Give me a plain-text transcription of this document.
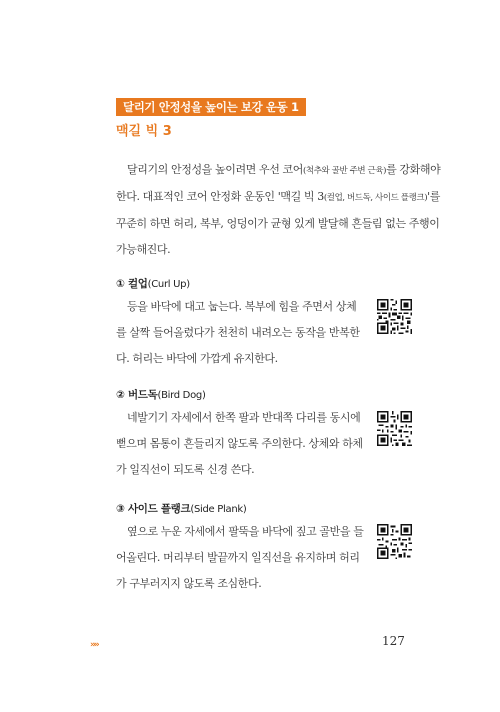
달리기 안정성을 높이는 보강 운동 1
맥길 빅 3

달리기의 안정성을 높이려면 우선 코어(척추와 골반 주변 근육)를 강화해야 한다. 대표적인 코어 안정화 운동인 '맥길 빅 3(컬업, 버드독, 사이드 플랭크)'를 꾸준히 하면 허리, 복부, 엉덩이가 균형 있게 발달해 흔들림 없는 주행이 가능해진다.

① 컬업(Curl Up)

등을 바닥에 대고 눕는다. 복부에 힘을 주면서 상체
를 살짝 들어올렸다가 천천히 내려오는 동작을 반복한다. 허리는 바닥에 가깝게 유지한다.

② 버드독(Bird Dog)

네발기기 자세에서 한쪽 팔과 반대쪽 다리를 동시에
뻗으며 몸통이 흔들리지 않도록 주의한다. 상체와 하체가 일직선이 되도록 신경 쓴다.

③ 사이드 플랭크(Side Plank)

옆으로 누운 자세에서 팔뚝을 바닥에 짚고 골반을 들
어올린다. 머리부터 발끝까지 일직선을 유지하며 허리가 구부러지지 않도록 조심한다.

»»	127
